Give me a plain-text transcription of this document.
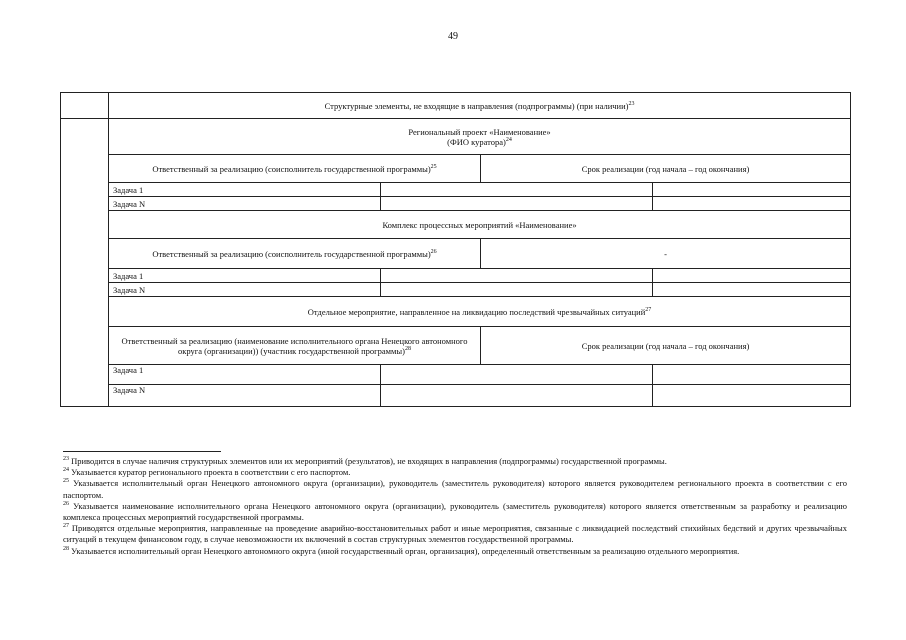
49
	Структурные элементы, не входящие в направления (подпрограммы) (при наличии)$^{23}$
	Региональный проект «Наименование»
(ФИО куратора)$^{24}$
	Ответственный за реализацию (соисполнитель государственной программы)$^{25}$		Срок реализации (год начала – год окончания)	
	Задача 1			
	Задача N			
	Комплекс процессных мероприятий «Наименование»			
	Ответственный за реализацию (соисполнитель государственной программы)$^{26}$		-	
	Задача 1			
	Задача N			
	Отдельное мероприятие, направленное на ликвидацию последствий чрезвычайных ситуаций$^{27}$
	Ответственный за реализацию (наименование исполнительного органа Ненецкого автономного округа (организации)) (участник государственной программы)$^{28}$		Срок реализации (год начала – год окончания)	
	Задача 1			
	Задача N			

$^{23}$ Приводится в случае наличия структурных элементов или их мероприятий (результатов), не входящих в направления (подпрограммы) государственной программы.

$^{24}$ Указывается куратор регионального проекта в соответствии с его паспортом.

$^{25}$ Указывается исполнительный орган Ненецкого автономного округа (организации), руководитель (заместитель руководителя) которого является руководителем регионального проекта в соответствии с его паспортом.

$^{26}$ Указывается наименование исполнительного органа Ненецкого автономного округа (организации), руководитель (заместитель руководителя) которого является ответственным за разработку и реализацию комплекса процессных мероприятий государственной программы.

$^{27}$ Приводятся отдельные мероприятия, направленные на проведение аварийно-восстановительных работ и иные мероприятия, связанные с ликвидацией последствий стихийных бедствий и других чрезвычайных ситуаций в текущем финансовом году, в случае невозможности их включений в состав структурных элементов государственной программы.

$^{28}$ Указывается исполнительный орган Ненецкого автономного округа (иной государственный орган, организация), определенный ответственным за реализацию отдельного мероприятия.
